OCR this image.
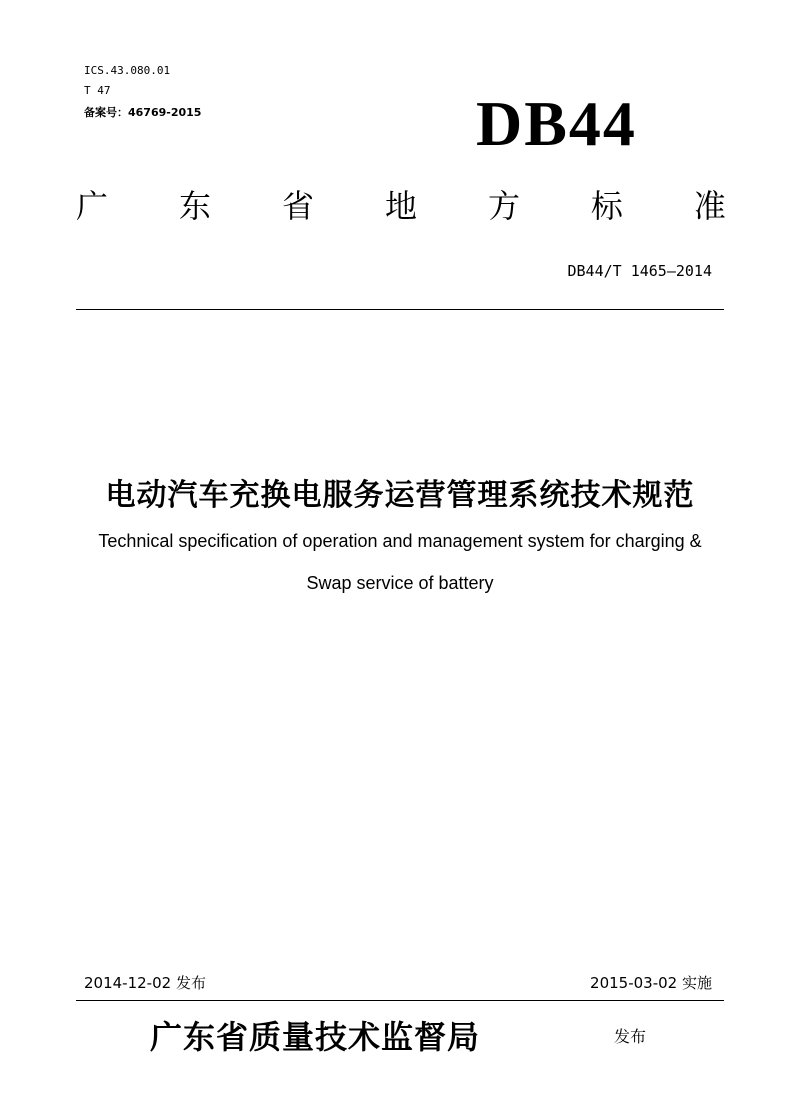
ICS.43.080.01
T 47
备案号：46769-2015	DB44
广 东 省 地 方 标 准
DB44/T 1465—2014
电动汽车充换电服务运营管理系统技术规范
Technical specification of operation and management system for charging &
Swap service of battery
2014-12-02 发布	2015-03-02 实施
广东省质量技术监督局	发布
